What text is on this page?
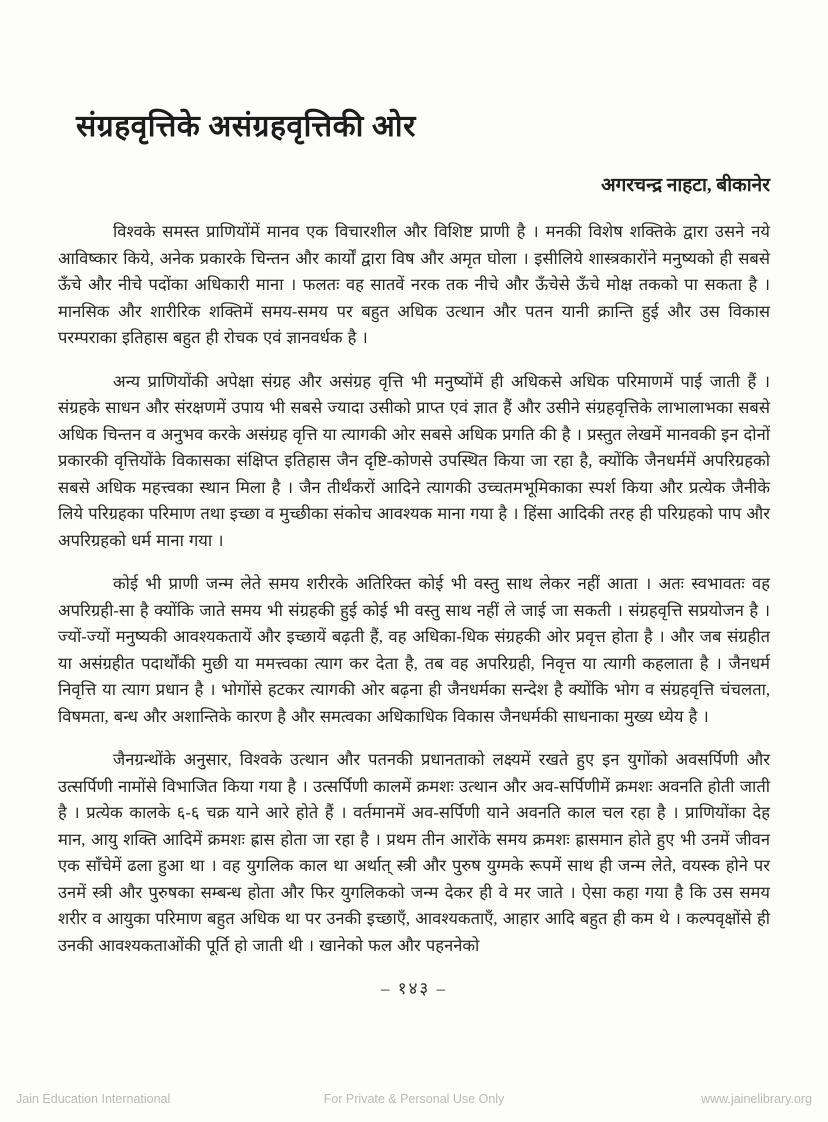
संग्रहवृत्तिके असंग्रहवृत्तिकी ओर
अगरचन्द्र नाहटा, बीकानेर

विश्वके समस्त प्राणियोंमें मानव एक विचारशील और विशिष्ट प्राणी है । मनकी विशेष शक्तिके द्वारा उसने नये आविष्कार किये, अनेक प्रकारके चिन्तन और कार्यों द्वारा विष और अमृत घोला । इसीलिये शास्त्रकारोंने मनुष्यको ही सबसे ऊँचे और नीचे पदोंका अधिकारी माना । फलतः वह सातवें नरक तक नीचे और ऊँचेसे ऊँचे मोक्ष तकको पा सकता है । मानसिक और शारीरिक शक्तिमें समय-समय पर बहुत अधिक उत्थान और पतन यानी क्रान्ति हुई और उस विकास परम्पराका इतिहास बहुत ही रोचक एवं ज्ञानवर्धक है ।

अन्य प्राणियोंकी अपेक्षा संग्रह और असंग्रह वृत्ति भी मनुष्योंमें ही अधिकसे अधिक परिमाणमें पाई जाती हैं । संग्रहके साधन और संरक्षणमें उपाय भी सबसे ज्यादा उसीको प्राप्त एवं ज्ञात हैं और उसीने संग्रहवृत्तिके लाभालाभका सबसे अधिक चिन्तन व अनुभव करके असंग्रह वृत्ति या त्यागकी ओर सबसे अधिक प्रगति की है । प्रस्तुत लेखमें मानवकी इन दोनों प्रकारकी वृत्तियोंके विकासका संक्षिप्त इतिहास जैन दृष्टि-कोणसे उपस्थित किया जा रहा है, क्योंकि जैनधर्ममें अपरिग्रहको सबसे अधिक महत्त्वका स्थान मिला है । जैन तीर्थंकरों आदिने त्यागकी उच्चतमभूमिकाका स्पर्श किया और प्रत्येक जैनीके लिये परिग्रहका परिमाण तथा इच्छा व मुच्छीका संकोच आवश्यक माना गया है । हिंसा आदिकी तरह ही परिग्रहको पाप और अपरिग्रहको धर्म माना गया ।

कोई भी प्राणी जन्म लेते समय शरीरके अतिरिक्त कोई भी वस्तु साथ लेकर नहीं आता । अतः स्वभावतः वह अपरिग्रही-सा है क्योंकि जाते समय भी संग्रहकी हुई कोई भी वस्तु साथ नहीं ले जाई जा सकती । संग्रहवृत्ति सप्रयोजन है । ज्यों-ज्यों मनुष्यकी आवश्यकतायें और इच्छायें बढ़ती हैं, वह अधिका-धिक संग्रहकी ओर प्रवृत्त होता है । और जब संग्रहीत या असंग्रहीत पदार्थोंकी मुछी या ममत्त्वका त्याग कर देता है, तब वह अपरिग्रही, निवृत्त या त्यागी कहलाता है । जैनधर्म निवृत्ति या त्याग प्रधान है । भोगोंसे हटकर त्यागकी ओर बढ़ना ही जैनधर्मका सन्देश है क्योंकि भोग व संग्रहवृत्ति चंचलता, विषमता, बन्ध और अशान्तिके कारण है और समत्वका अधिकाधिक विकास जैनधर्मकी साधनाका मुख्य ध्येय है ।

जैनग्रन्थोंके अनुसार, विश्वके उत्थान और पतनकी प्रधानताको लक्ष्यमें रखते हुए इन युगोंको अवसर्पिणी और उत्सर्पिणी नामोंसे विभाजित किया गया है । उत्सर्पिणी कालमें क्रमशः उत्थान और अव-सर्पिणीमें क्रमशः अवनति होती जाती है । प्रत्येक कालके ६-६ चक्र याने आरे होते हैं । वर्तमानमें अव-सर्पिणी याने अवनति काल चल रहा है । प्राणियोंका देह मान, आयु शक्ति आदिमें क्रमशः ह्रास होता जा रहा है । प्रथम तीन आरोंके समय क्रमशः ह्रासमान होते हुए भी उनमें जीवन एक साँचेमें ढला हुआ था । वह युगलिक काल था अर्थात् स्त्री और पुरुष युग्मके रूपमें साथ ही जन्म लेते, वयस्क होने पर उनमें स्त्री और पुरुषका सम्बन्ध होता और फिर युगलिकको जन्म देकर ही वे मर जाते । ऐसा कहा गया है कि उस समय शरीर व आयुका परिमाण बहुत अधिक था पर उनकी इच्छाएँ, आवश्यकताएँ, आहार आदि बहुत ही कम थे । कल्पवृक्षोंसे ही उनकी आवश्यकताओंकी पूर्ति हो जाती थी । खानेको फल और पहननेको

– १४३ –
Jain Education International	For Private & Personal Use Only	www.jainelibrary.org
